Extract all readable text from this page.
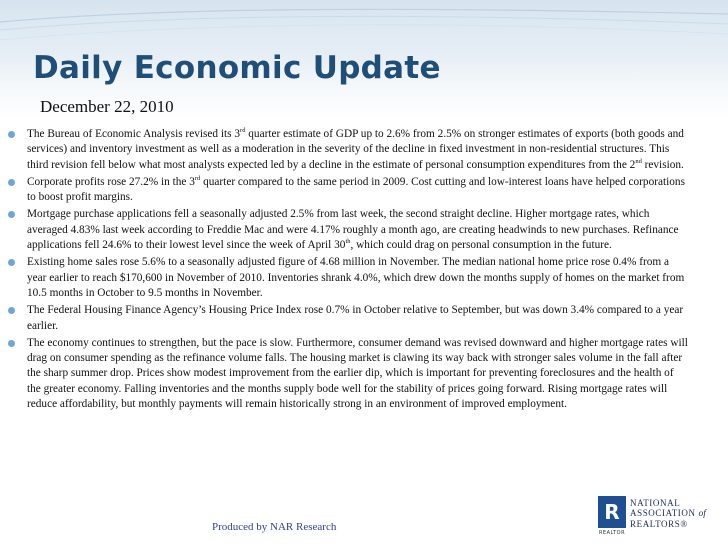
Daily Economic Update
December 22, 2010
The Bureau of Economic Analysis revised its 3rd quarter estimate of GDP up to 2.6% from 2.5% on stronger estimates of exports (both goods and services) and inventory investment as well as a moderation in the severity of the decline in fixed investment in non-residential structures. This third revision fell below what most analysts expected led by a decline in the estimate of personal consumption expenditures from the 2nd revision.
Corporate profits rose 27.2% in the 3rd quarter compared to the same period in 2009. Cost cutting and low-interest loans have helped corporations to boost profit margins.
Mortgage purchase applications fell a seasonally adjusted 2.5% from last week, the second straight decline. Higher mortgage rates, which averaged 4.83% last week according to Freddie Mac and were 4.17% roughly a month ago, are creating headwinds to new purchases. Refinance applications fell 24.6% to their lowest level since the week of April 30th, which could drag on personal consumption in the future.
Existing home sales rose 5.6% to a seasonally adjusted figure of 4.68 million in November. The median national home price rose 0.4% from a year earlier to reach $170,600 in November of 2010. Inventories shrank 4.0%, which drew down the months supply of homes on the market from 10.5 months in October to 9.5 months in November.
The Federal Housing Finance Agency’s Housing Price Index rose 0.7% in October relative to September, but was down 3.4% compared to a year earlier.
The economy continues to strengthen, but the pace is slow. Furthermore, consumer demand was revised downward and higher mortgage rates will drag on consumer spending as the refinance volume falls. The housing market is clawing its way back with stronger sales volume in the fall after the sharp summer drop. Prices show modest improvement from the earlier dip, which is important for preventing foreclosures and the health of the greater economy. Falling inventories and the months supply bode well for the stability of prices going forward. Rising mortgage rates will reduce affordability, but monthly payments will remain historically strong in an environment of improved employment.
Produced by NAR Research
R
REALTOR

NATIONAL
ASSOCIATION of
REALTORS®
